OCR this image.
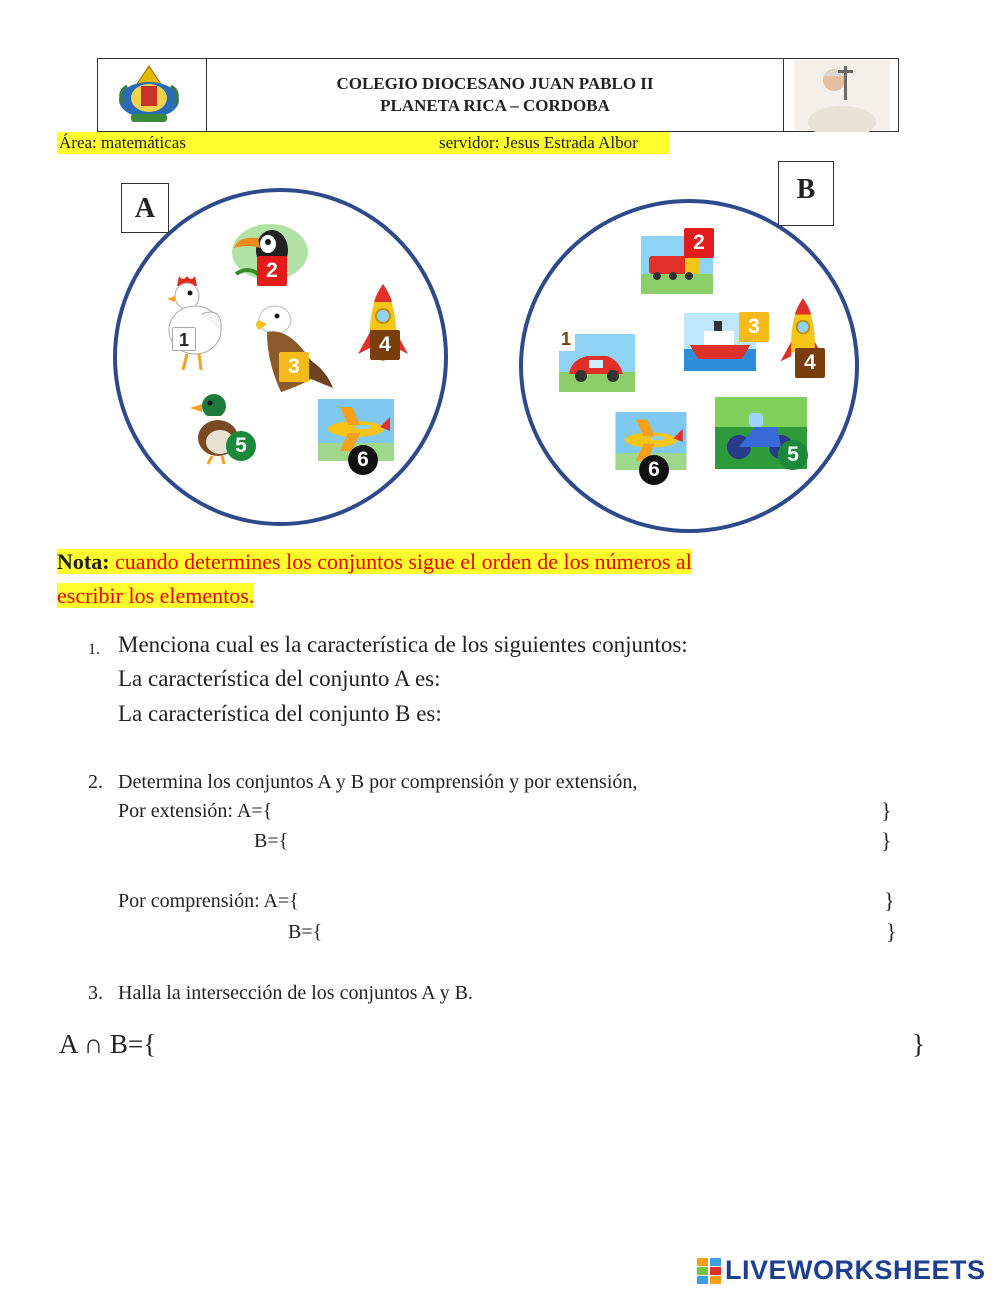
COLEGIO DIOCESANO JUAN PABLO II
PLANETA RICA – CORDOBA
Área: matemáticas	servidor: Jesus Estrada Albor
A
2
1
3
4
5
6
B
2
1
3
4
6
5
Nota: cuando determines los conjuntos sigue el orden de los números al
escribir los elementos.
1. Menciona cual es la característica de los siguientes conjuntos:
La característica del conjunto A es:
La característica del conjunto B es:
2. Determina los conjuntos A y B por comprensión y por extensión,
Por extensión: A={	}
B={	}
Por comprensión: A={	}
B={	}
3. Halla la intersección de los conjuntos A y B.
A ∩ B={	}
LIVEWORKSHEETS
